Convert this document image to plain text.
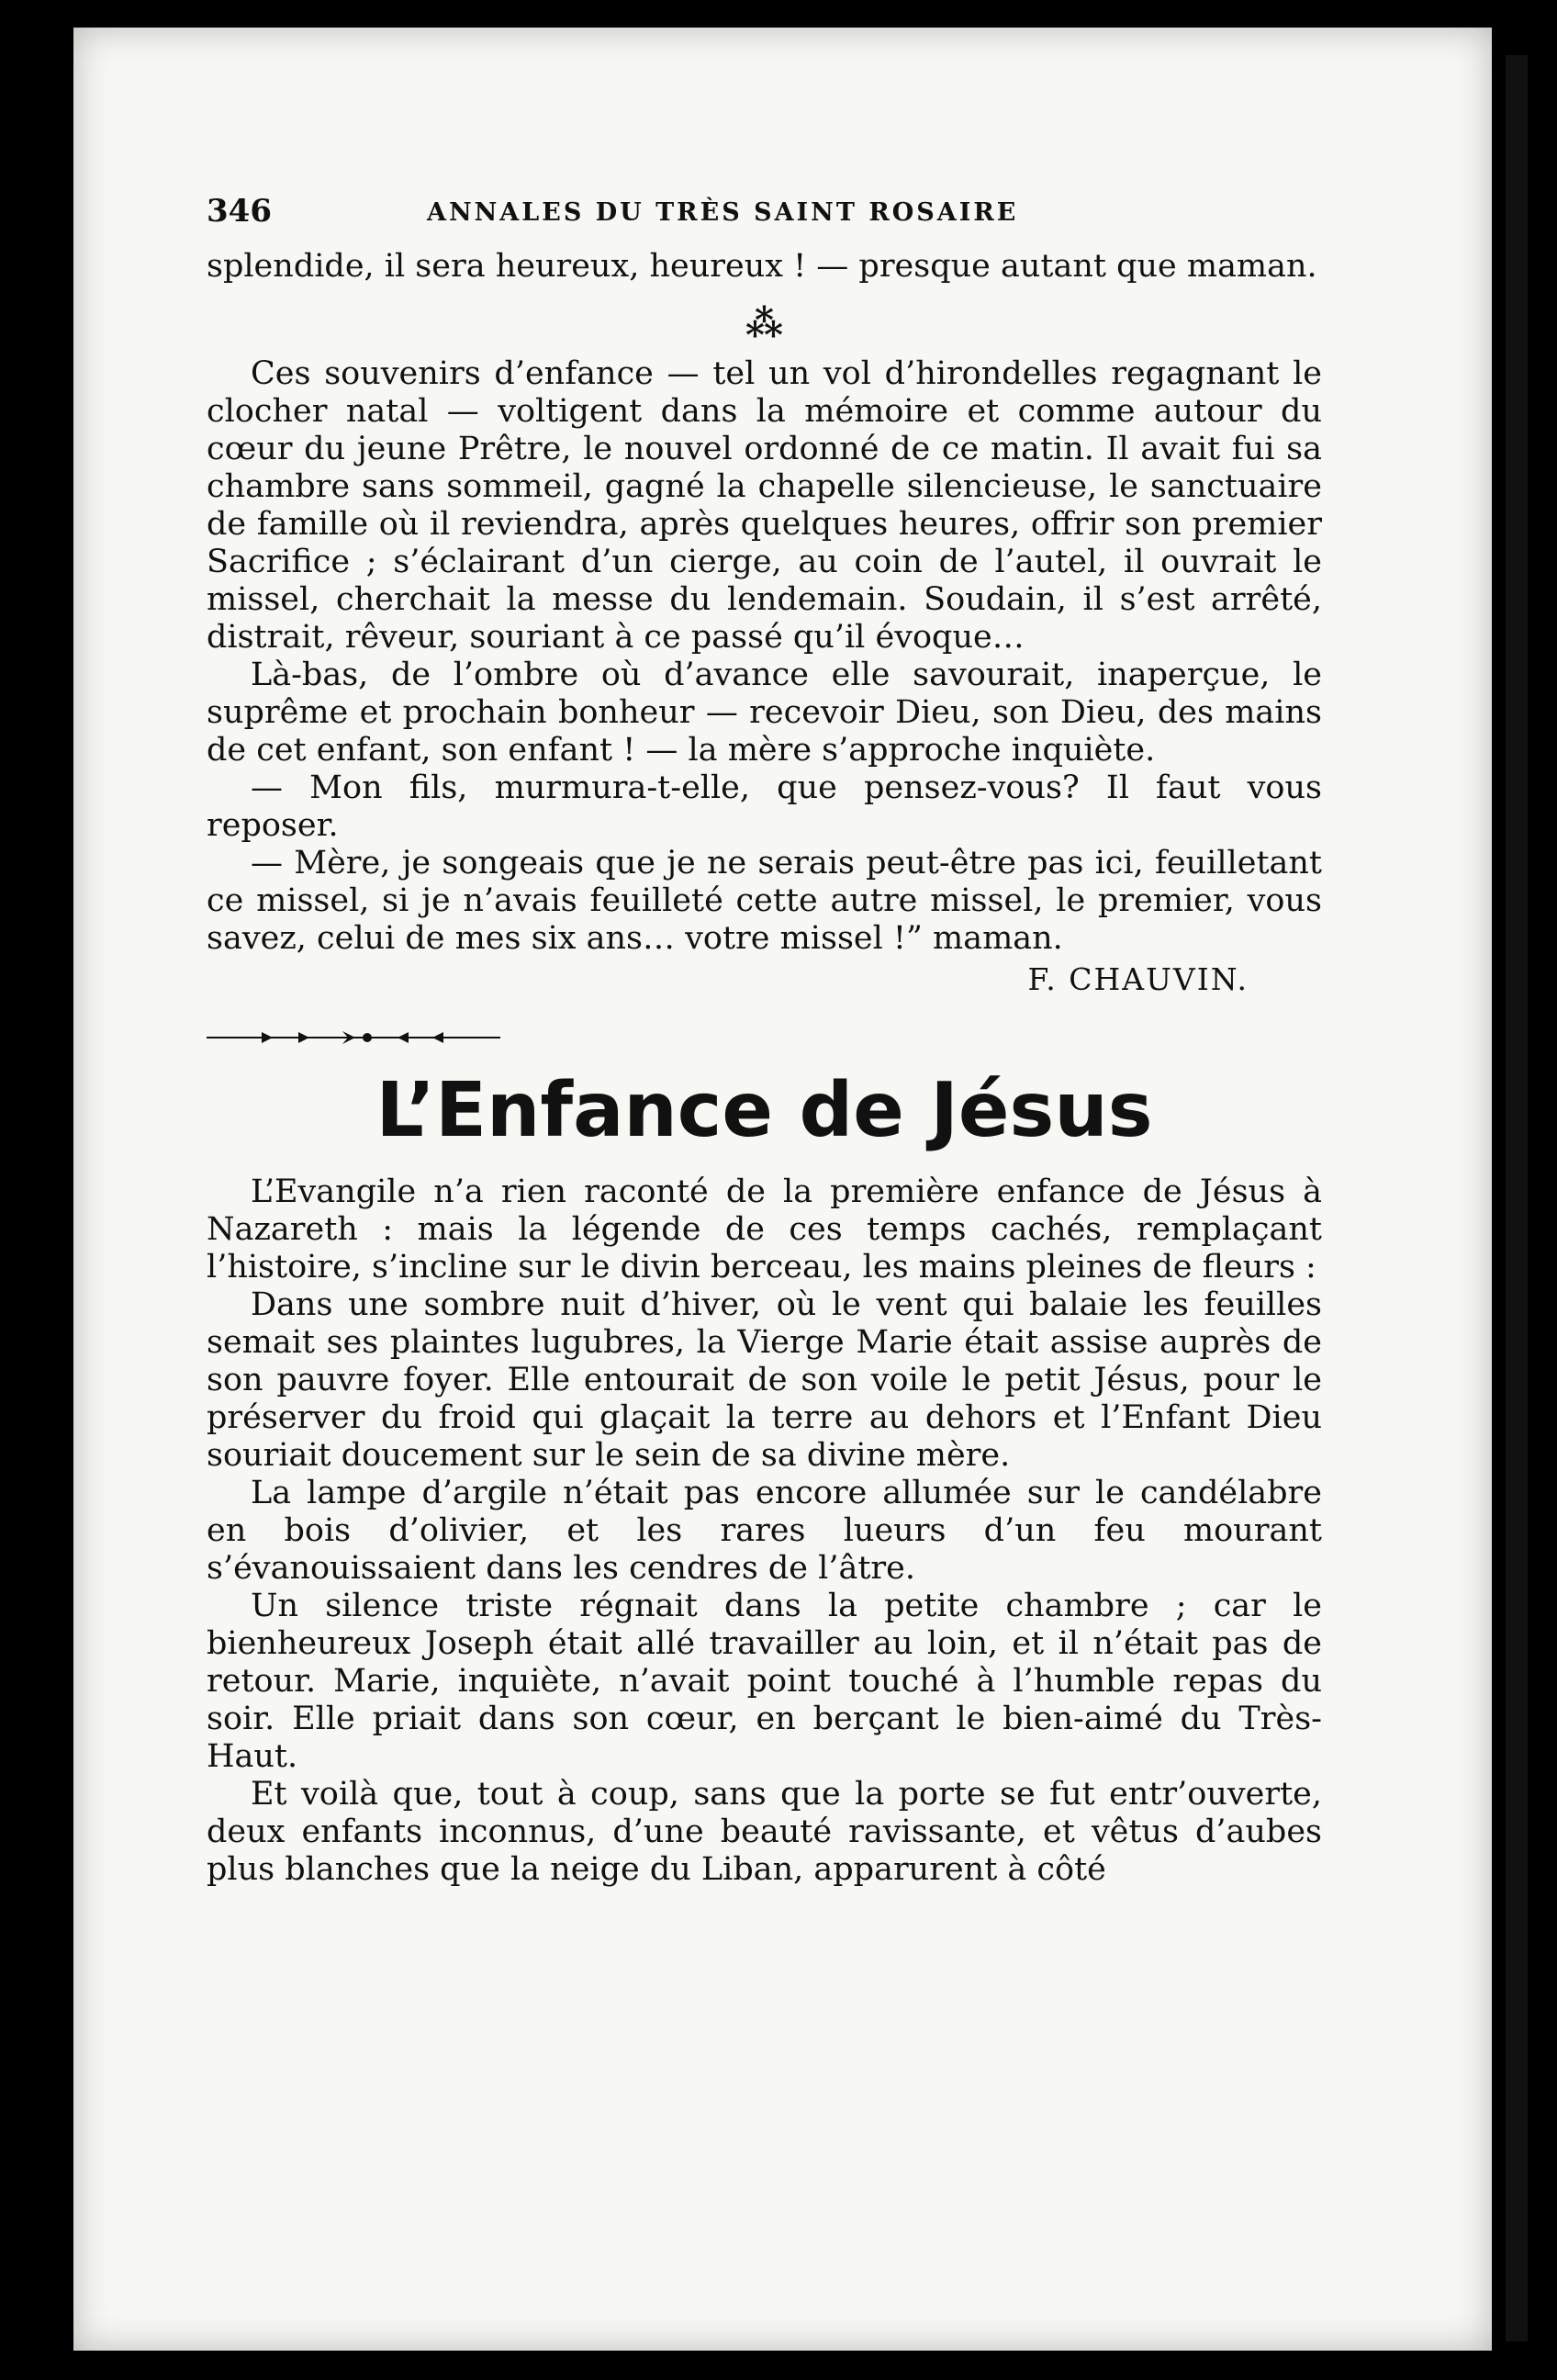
346	ANNALES DU TRÈS SAINT ROSAIRE

splendide, il sera heureux, heureux ! — presque autant que maman.

⁂

Ces souvenirs d’enfance — tel un vol d’hirondelles regagnant le clocher natal — voltigent dans la mémoire et comme autour du cœur du jeune Prêtre, le nouvel ordonné de ce matin. Il avait fui sa chambre sans sommeil, gagné la chapelle silencieuse, le sanctuaire de famille où il reviendra, après quelques heures, offrir son premier Sacrifice ; s’éclairant d’un cierge, au coin de l’autel, il ouvrait le missel, cherchait la messe du lendemain. Soudain, il s’est arrêté, distrait, rêveur, souriant à ce passé qu’il évoque…

Là-bas, de l’ombre où d’avance elle savourait, inaperçue, le suprême et prochain bonheur — recevoir Dieu, son Dieu, des mains de cet enfant, son enfant ! — la mère s’approche inquiète.

— Mon fils, murmura-t-elle, que pensez-vous? Il faut vous reposer.

— Mère, je songeais que je ne serais peut-être pas ici, feuilletant ce missel, si je n’avais feuilleté cette autre missel, le premier, vous savez, celui de mes six ans… votre missel !” maman.

F. CHAUVIN.
L’Enfance de Jésus

L’Evangile n’a rien raconté de la première enfance de Jésus à Nazareth : mais la légende de ces temps cachés, remplaçant l’histoire, s’incline sur le divin berceau, les mains pleines de fleurs :

Dans une sombre nuit d’hiver, où le vent qui balaie les feuilles semait ses plaintes lugubres, la Vierge Marie était assise auprès de son pauvre foyer. Elle entourait de son voile le petit Jésus, pour le préserver du froid qui glaçait la terre au dehors et l’Enfant Dieu souriait doucement sur le sein de sa divine mère.

La lampe d’argile n’était pas encore allumée sur le candélabre en bois d’olivier, et les rares lueurs d’un feu mourant s’évanouissaient dans les cendres de l’âtre.

Un silence triste régnait dans la petite chambre ; car le bienheureux Joseph était allé travailler au loin, et il n’était pas de retour. Marie, inquiète, n’avait point touché à l’humble repas du soir. Elle priait dans son cœur, en berçant le bien-aimé du Très-Haut.

Et voilà que, tout à coup, sans que la porte se fut entr’ouverte, deux enfants inconnus, d’une beauté ravissante, et vêtus d’aubes plus blanches que la neige du Liban, apparurent à côté
